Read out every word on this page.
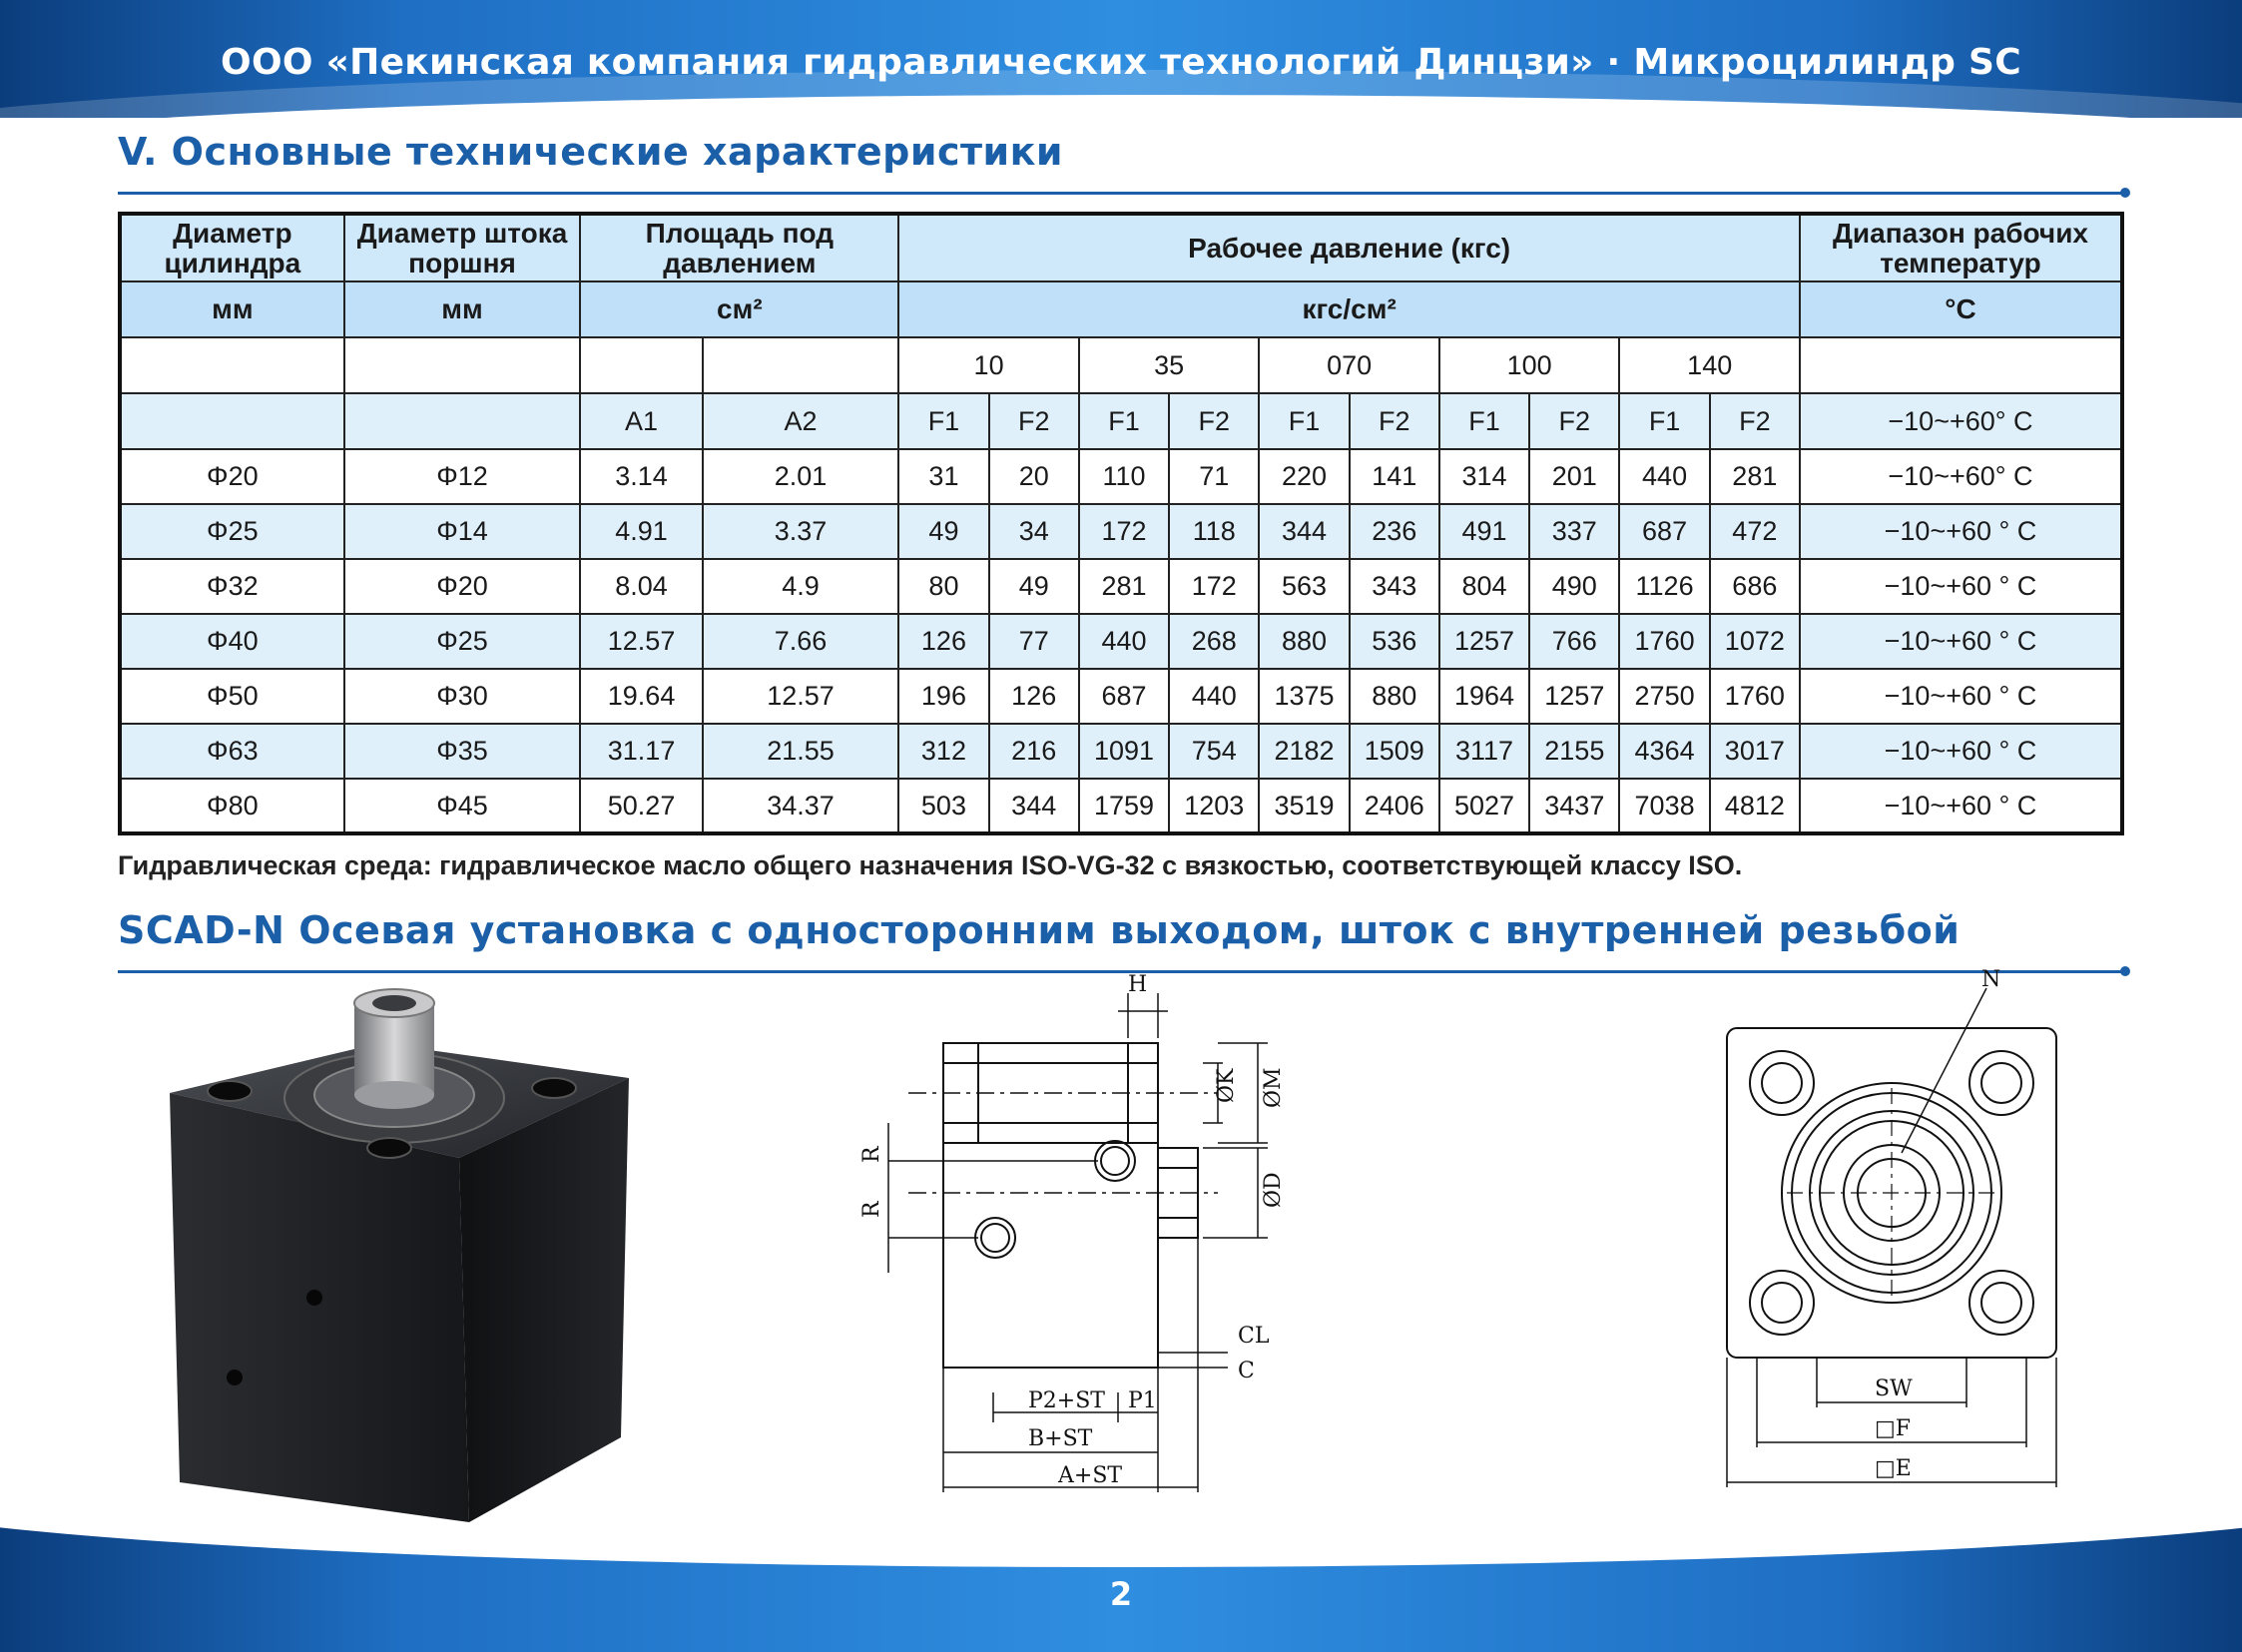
ООО «Пекинская компания гидравлических технологий Динцзи» · Микроцилиндр SC
V. Основные технические характеристики
Диаметр цилиндра	Диаметр штока поршня	Площадь под давлением		Рабочее давление (кгс)										Диапазон рабочих температур
мм	мм	см²		кгс/см²										°C
				10		35		070		100		140		
		A1	A2	F1	F2	F1	F2	F1	F2	F1	F2	F1	F2	−10~+60° C
Φ20	Φ12	3.14	2.01	31	20	110	71	220	141	314	201	440	281	−10~+60° C
Φ25	Φ14	4.91	3.37	49	34	172	118	344	236	491	337	687	472	−10~+60 ° C
Φ32	Φ20	8.04	4.9	80	49	281	172	563	343	804	490	1126	686	−10~+60 ° C
Φ40	Φ25	12.57	7.66	126	77	440	268	880	536	1257	766	1760	1072	−10~+60 ° C
Φ50	Φ30	19.64	12.57	196	126	687	440	1375	880	1964	1257	2750	1760	−10~+60 ° C
Φ63	Φ35	31.17	21.55	312	216	1091	754	2182	1509	3117	2155	4364	3017	−10~+60 ° C
Φ80	Φ45	50.27	34.37	503	344	1759	1203	3519	2406	5027	3437	7038	4812	−10~+60 ° C
Гидравлическая среда: гидравлическое масло общего назначения ISO-VG-32 с вязкостью, соответствующей классу ISO.
SCAD-N Осевая установка с односторонним выходом, шток с внутренней резьбой
H
ØK ØM
ØD
R
R
CL
C
P2+ST P1
B+ST
A+ST
N
SW
□F
□E
2
